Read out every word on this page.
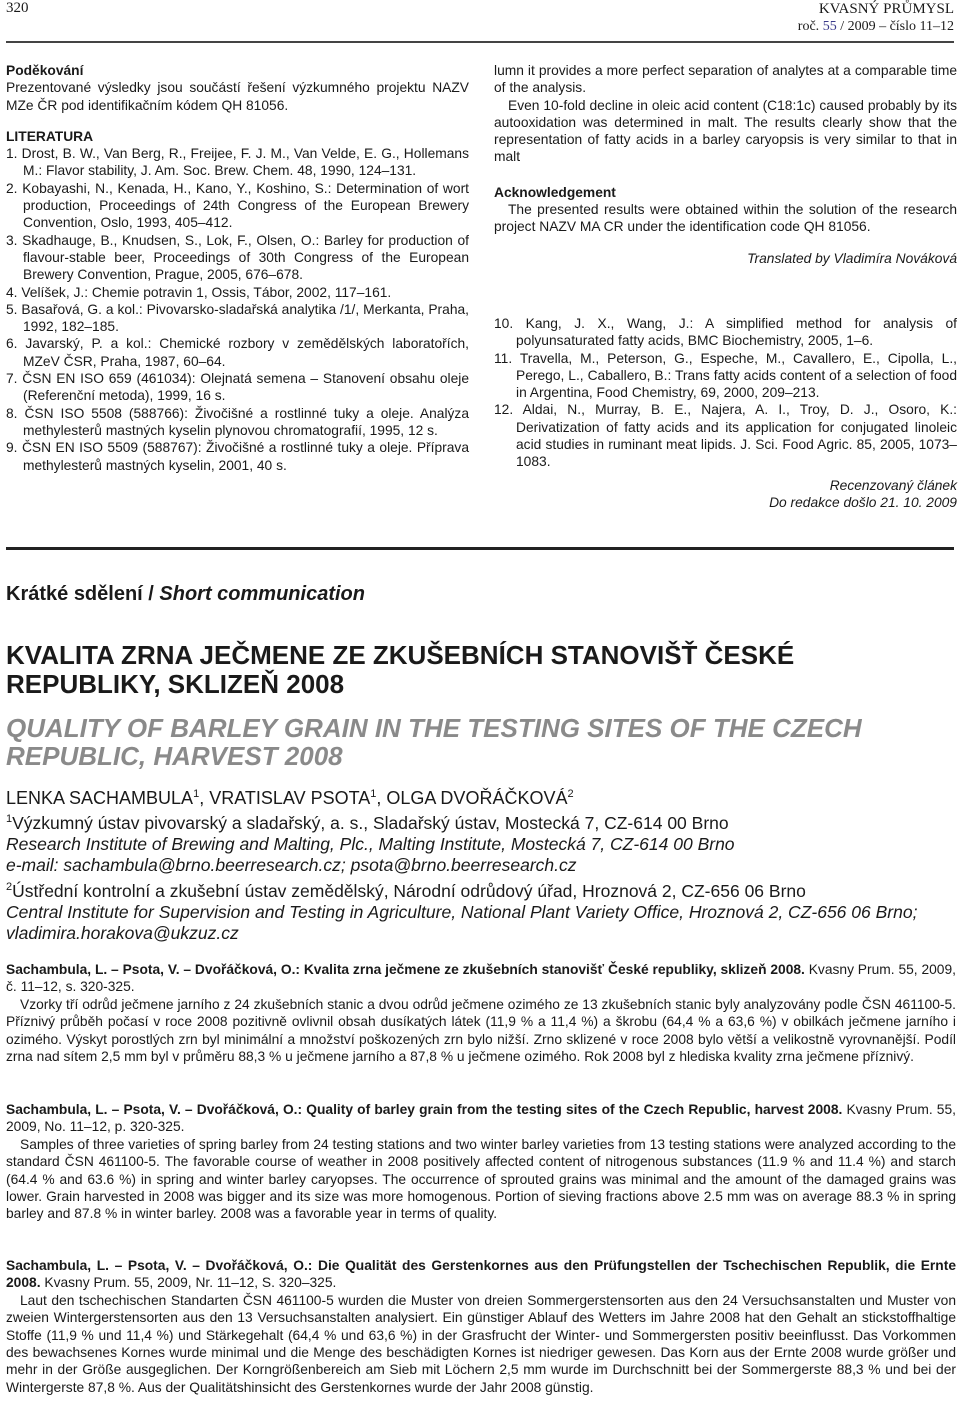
320	KVASNÝ PRŮMYSL
roč. 55 / 2009 – číslo 11–12
Poděkování
Prezentované výsledky jsou součástí řešení výzkumného projektu NAZV MZe ČR pod identifikačním kódem QH 81056.
LITERATURA
1. Drost, B. W., Van Berg, R., Freijee, F. J. M., Van Velde, E. G., Hollemans M.: Flavor stability, J. Am. Soc. Brew. Chem. 48, 1990, 124–131.
2. Kobayashi, N., Kenada, H., Kano, Y., Koshino, S.: Determination of wort production, Proceedings of 24th Congress of the European Brewery Convention, Oslo, 1993, 405–412.
3. Skadhauge, B., Knudsen, S., Lok, F., Olsen, O.: Barley for production of flavour-stable beer, Proceedings of 30th Congress of the European Brewery Convention, Prague, 2005, 676–678.
4. Velíšek, J.: Chemie potravin 1, Ossis, Tábor, 2002, 117–161.
5. Basařová, G. a kol.: Pivovarsko-sladařská analytika /1/, Merkanta, Praha, 1992, 182–185.
6. Javarský, P. a kol.: Chemické rozbory v zemědělských laboratořích, MZeV ČSR, Praha, 1987, 60–64.
7. ČSN EN ISO 659 (461034): Olejnatá semena – Stanovení obsahu oleje (Referenční metoda), 1999, 16 s.
8. ČSN ISO 5508 (588766): Živočišné a rostlinné tuky a oleje. Analýza methylesterů mastných kyselin plynovou chromatografií, 1995, 12 s.
9. ČSN EN ISO 5509 (588767): Živočišné a rostlinné tuky a oleje. Příprava methylesterů mastných kyselin, 2001, 40 s.

lumn it provides a more perfect separation of analytes at a comparable time of the analysis.

Even 10-fold decline in oleic acid content (C18:1c) caused probably by its autooxidation was determined in malt. The results clearly show that the representation of fatty acids in a barley caryopsis is very similar to that in malt

Acknowledgement

The presented results were obtained within the solution of the research project NAZV MA CR under the identification code QH 81056.

Translated by Vladimíra Nováková
10. Kang, J. X., Wang, J.: A simplified method for analysis of polyunsaturated fatty acids, BMC Biochemistry, 2005, 1–6.
11. Travella, M., Peterson, G., Espeche, M., Cavallero, E., Cipolla, L., Perego, L., Caballero, B.: Trans fatty acids content of a selection of food in Argentina, Food Chemistry, 69, 2000, 209–213.
12. Aldai, N., Murray, B. E., Najera, A. I., Troy, D. J., Osoro, K.: Derivatization of fatty acids and its application for conjugated linoleic acid studies in ruminant meat lipids. J. Sci. Food Agric. 85, 2005, 1073–1083.
Recenzovaný článek
Do redakce došlo 21. 10. 2009
Krátké sdělení / Short communication
KVALITA ZRNA JEČMENE ZE ZKUŠEBNÍCH STANOVIŠŤ ČESKÉ REPUBLIKY, SKLIZEŇ 2008
QUALITY OF BARLEY GRAIN IN THE TESTING SITES OF THE CZECH REPUBLIC, HARVEST 2008
LENKA SACHAMBULA$^1$, VRATISLAV PSOTA$^1$, OLGA DVOŘÁČKOVÁ$^2$
$^1$Výzkumný ústav pivovarský a sladařský, a. s., Sladařský ústav, Mostecká 7, CZ-614 00 Brno
Research Institute of Brewing and Malting, Plc., Malting Institute, Mostecká 7, CZ-614 00 Brno
e-mail: sachambula@brno.beerresearch.cz; psota@brno.beerresearch.cz
$^2$Ústřední kontrolní a zkušební ústav zemědělský, Národní odrůdový úřad, Hroznová 2, CZ-656 06 Brno
Central Institute for Supervision and Testing in Agriculture, National Plant Variety Office, Hroznová 2, CZ-656 06 Brno; vladimira.horakova@ukzuz.cz
Sachambula, L. – Psota, V. – Dvořáčková, O.: Kvalita zrna ječmene ze zkušebních stanovišť České republiky, sklizeň 2008. Kvasny Prum. 55, 2009, č. 11–12, s. 320-325.

Vzorky tří odrůd ječmene jarního z 24 zkušebních stanic a dvou odrůd ječmene ozimého ze 13 zkušebních stanic byly analyzovány podle ČSN 461100-5. Příznivý průběh počasí v roce 2008 pozitivně ovlivnil obsah dusíkatých látek (11,9 % a 11,4 %) a škrobu (64,4 % a 63,6 %) v obilkách ječmene jarního i ozimého. Výskyt porostlých zrn byl minimální a množství poškozených zrn bylo nižší. Zrno sklizené v roce 2008 bylo větší a velikostně vyrovnanější. Podíl zrna nad sítem 2,5 mm byl v průměru 88,3 % u ječmene jarního a 87,8 % u ječmene ozimého. Rok 2008 byl z hlediska kvality zrna ječmene příznivý.

Sachambula, L. – Psota, V. – Dvořáčková, O.: Quality of barley grain from the testing sites of the Czech Republic, harvest 2008. Kvasny Prum. 55, 2009, No. 11–12, p. 320-325.

Samples of three varieties of spring barley from 24 testing stations and two winter barley varieties from 13 testing stations were analyzed according to the standard ČSN 461100-5. The favorable course of weather in 2008 positively affected content of nitrogenous substances (11.9 % and 11.4 %) and starch (64.4 % and 63.6 %) in spring and winter barley caryopses. The occurrence of sprouted grains was minimal and the amount of the damaged grains was lower. Grain harvested in 2008 was bigger and its size was more homogenous. Portion of sieving fractions above 2.5 mm was on average 88.3 % in spring barley and 87.8 % in winter barley. 2008 was a favorable year in terms of quality.

Sachambula, L. – Psota, V. – Dvořáčková, O.: Die Qualität des Gerstenkornes aus den Prüfungstellen der Tschechischen Republik, die Ernte 2008. Kvasny Prum. 55, 2009, Nr. 11–12, S. 320–325.

Laut den tschechischen Standarten ČSN 461100-5 wurden die Muster von dreien Sommergerstensorten aus den 24 Versuchsanstalten und Muster von zweien Wintergerstensorten aus den 13 Versuchsanstalten analysiert. Ein günstiger Ablauf des Wetters im Jahre 2008 hat den Gehalt an stickstoffhaltige Stoffe (11,9 % und 11,4 %) und Stärkegehalt (64,4 % und 63,6 %) in der Grasfrucht der Winter- und Sommergersten positiv beeinflusst. Das Vorkommen des bewachsenes Kornes wurde minimal und die Menge des beschädigten Kornes ist niedriger gewesen. Das Korn aus der Ernte 2008 wurde größer und mehr in der Größe ausgeglichen. Der Korngrößenbereich am Sieb mit Löchern 2,5 mm wurde im Durchschnitt bei der Sommergerste 88,3 % und bei der Wintergerste 87,8 %. Aus der Qualitätshinsicht des Gerstenkornes wurde der Jahr 2008 günstig.
